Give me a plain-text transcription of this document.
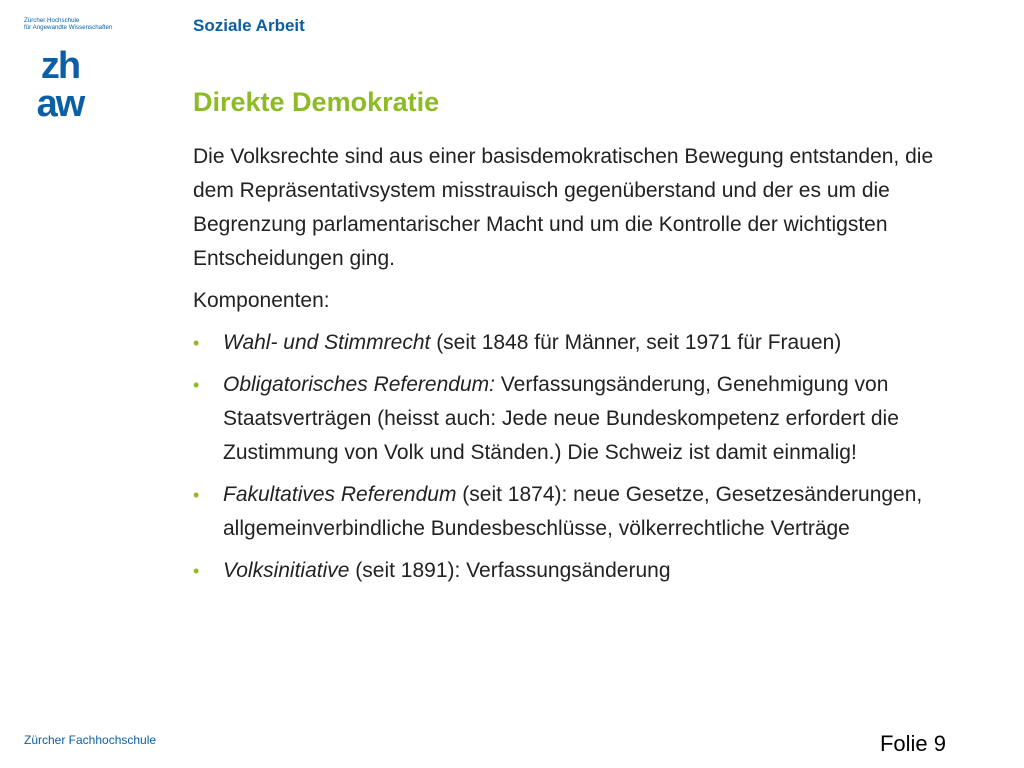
Zürcher Hochschule
für Angewandte Wissenschaften
zh
aw
Soziale Arbeit
Direkte Demokratie

Die Volksrechte sind aus einer basisdemokratischen Bewegung entstanden, die dem Repräsentativsystem misstrauisch gegenüberstand und der es um die Begrenzung parlamentarischer Macht und um die Kontrolle der wichtigsten Entscheidungen ging.

Komponenten:

• Wahl- und Stimmrecht (seit 1848 für Männer, seit 1971 für Frauen)
• Obligatorisches Referendum: Verfassungsänderung, Genehmigung von Staatsverträgen (heisst auch: Jede neue Bundeskompetenz erfordert die Zustimmung von Volk und Ständen.) Die Schweiz ist damit einmalig!
• Fakultatives Referendum (seit 1874): neue Gesetze, Gesetzesänderungen, allgemeinverbindliche Bundesbeschlüsse, völkerrechtliche Verträge
• Volksinitiative (seit 1891): Verfassungsänderung
Zürcher Fachhochschule	Folie 9
